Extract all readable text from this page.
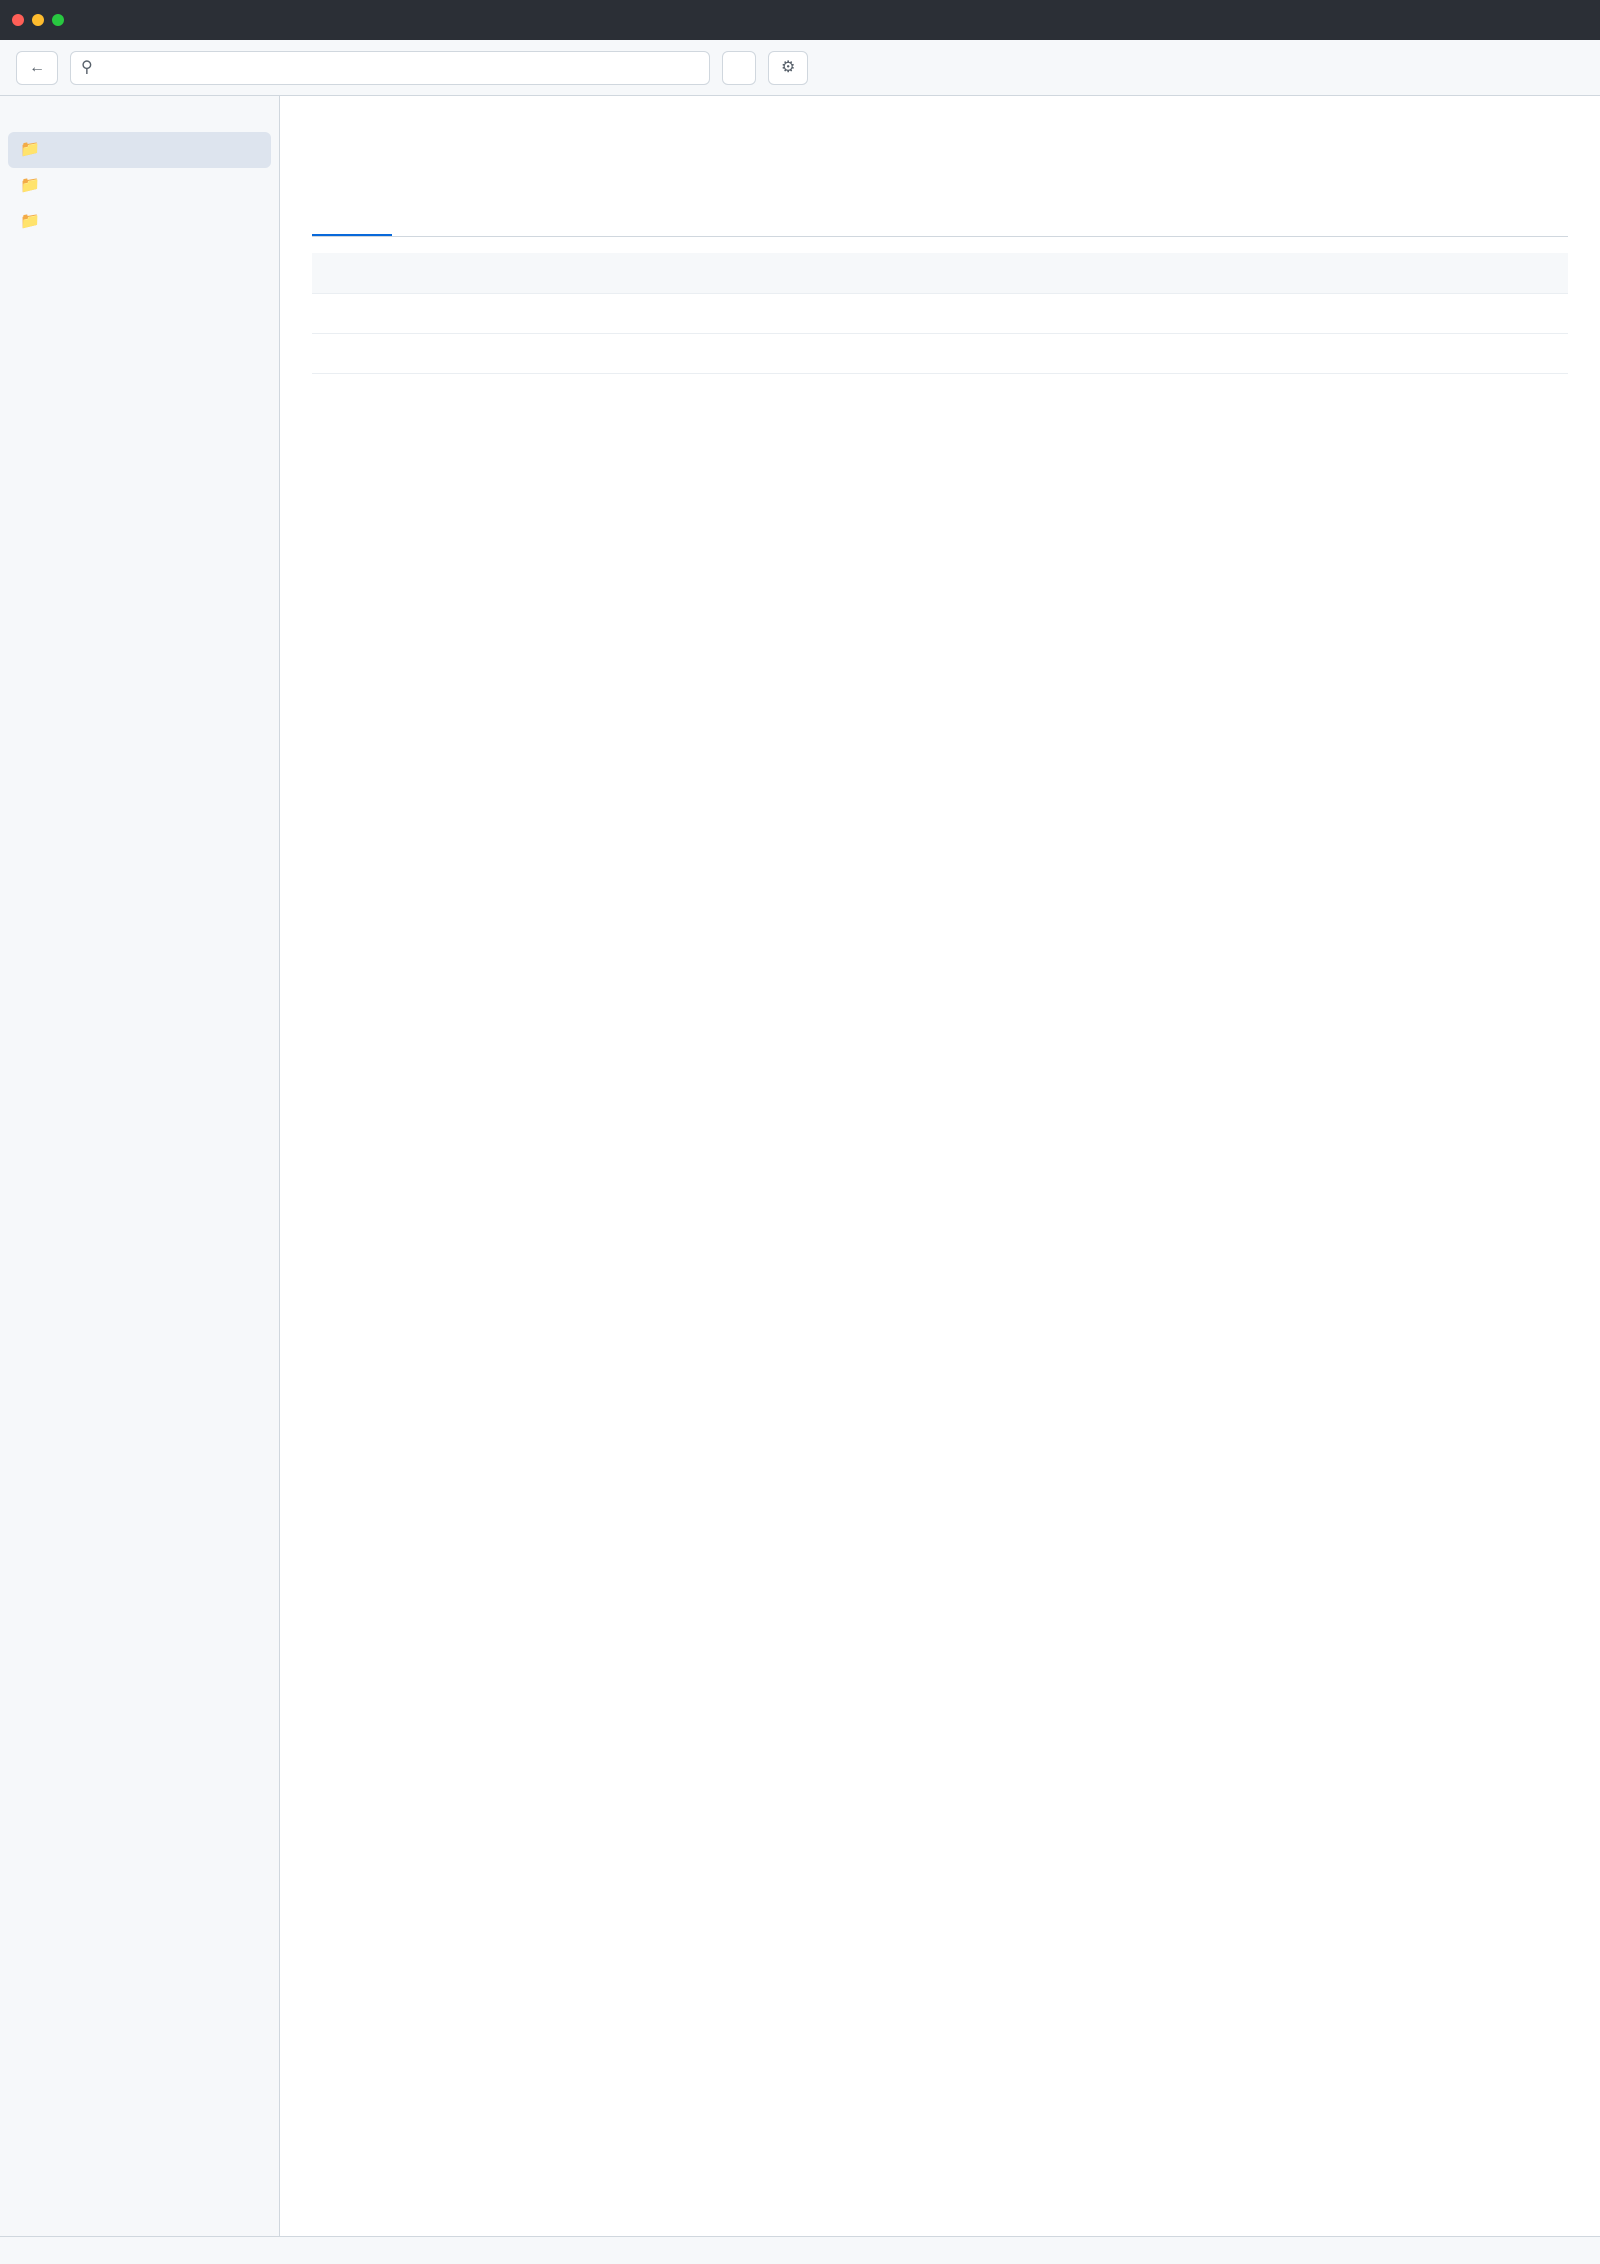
← ⚲	⚙
📁
📁
📁
